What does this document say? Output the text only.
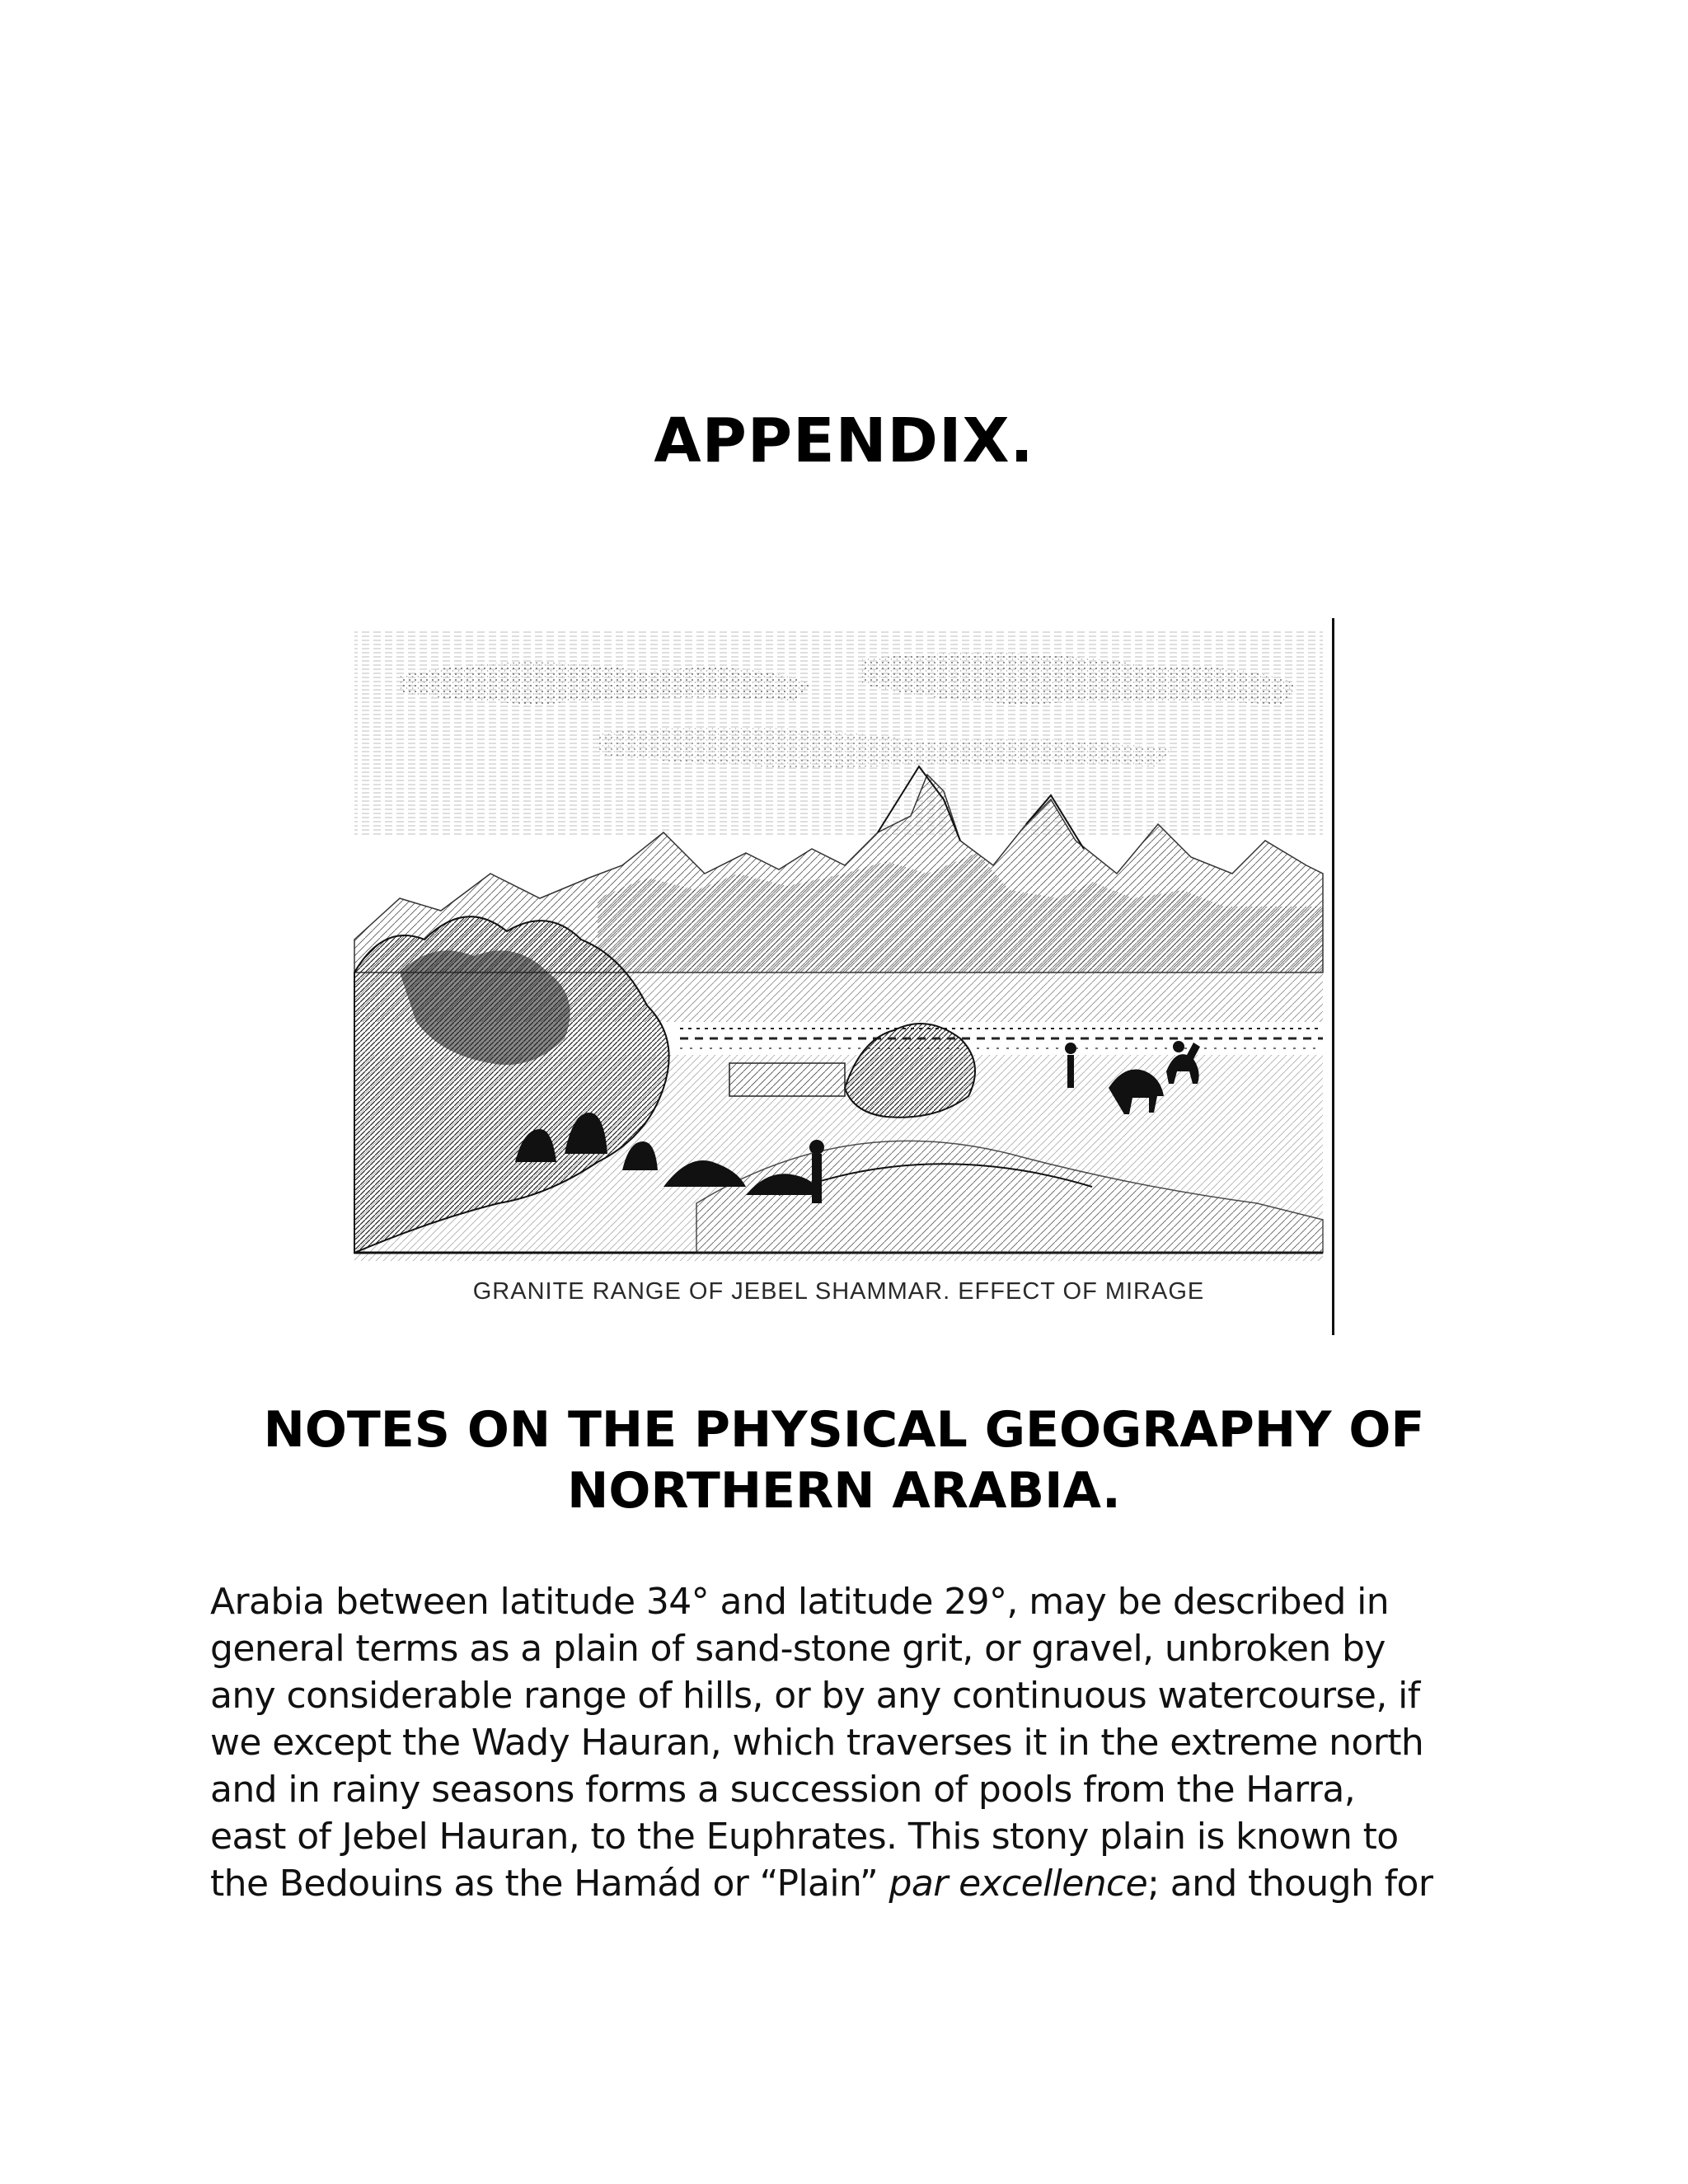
APPENDIX.
GRANITE RANGE OF JEBEL SHAMMAR. EFFECT OF MIRAGE
NOTES ON THE PHYSICAL GEOGRAPHY OF
NORTHERN ARABIA.
Arabia between latitude 34° and latitude 29°, may be described in
general terms as a plain of sand-stone grit, or gravel, unbroken by
any considerable range of hills, or by any continuous watercourse, if
we except the Wady Hauran, which traverses it in the extreme north
and in rainy seasons forms a succession of pools from the Harra,
east of Jebel Hauran, to the Euphrates. This stony plain is known to
the Bedouins as the Hamád or “Plain” par excellence; and though for
